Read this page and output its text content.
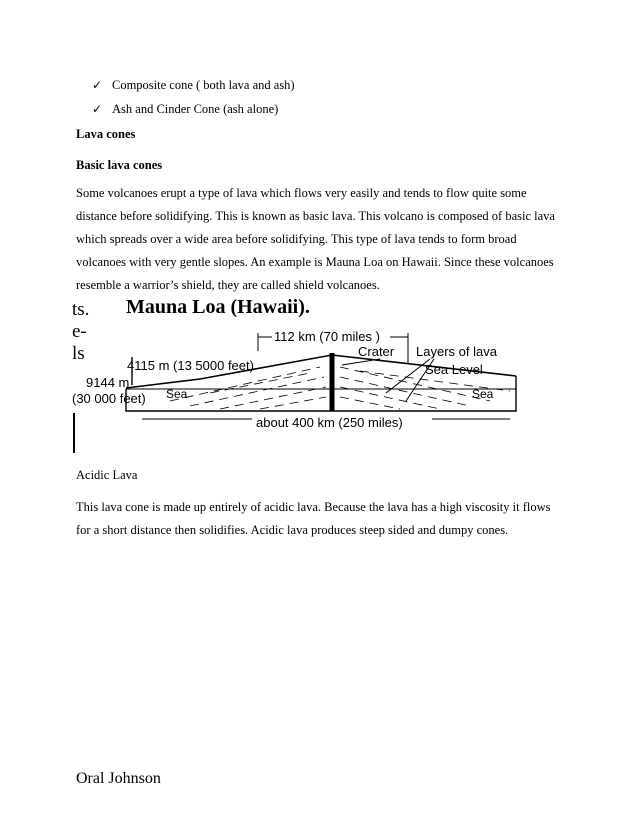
✓ Composite cone ( both lava and ash)
✓ Ash and Cinder Cone (ash alone)
Lava cones
Basic lava cones
Some volcanoes erupt a type of lava which flows very easily and tends to flow quite some
distance before solidifying. This is known as basic lava. This volcano is composed of basic lava
which spreads over a wide area before solidifying. This type of lava tends to form broad
volcanoes with very gentle slopes. An example is Mauna Loa on Hawaii. Since these volcanoes
resemble a warrior’s shield, they are called shield volcanoes.
ts.
e-
ls
Mauna Loa (Hawaii).
112 km (70 miles )
Crater Layers of lava
Sea Level
4115 m (13 5000 feet)
9144 m
(30 000 feet) Sea	Sea
about 400 km (250 miles)
Acidic Lava
This lava cone is made up entirely of acidic lava. Because the lava has a high viscosity it flows
for a short distance then solidifies. Acidic lava produces steep sided and dumpy cones.
Oral Johnson
